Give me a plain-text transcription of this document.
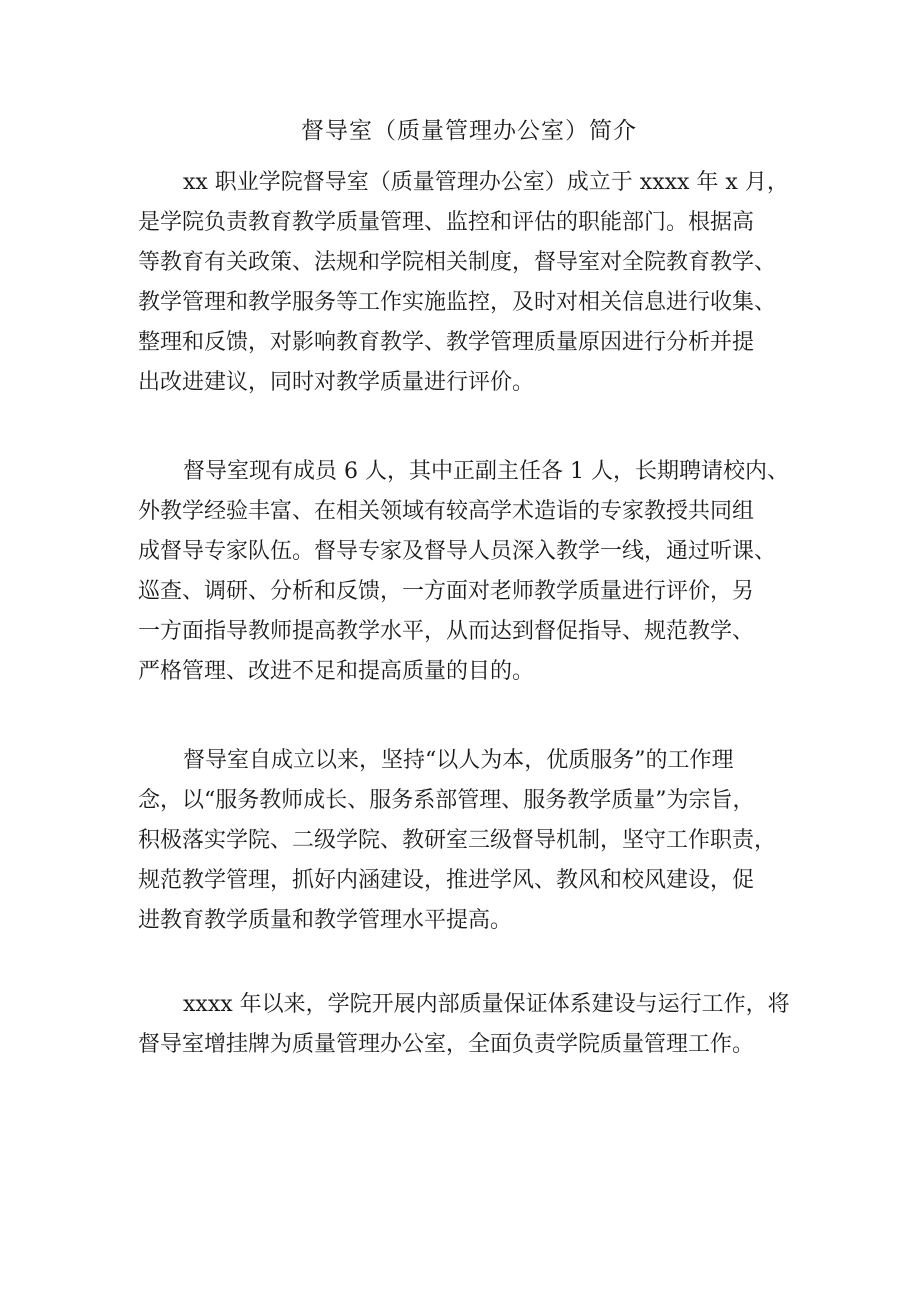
督导室（质量管理办公室）简介

xx 职业学院督导室（质量管理办公室）成立于 xxxx 年 x 月，
是学院负责教育教学质量管理、监控和评估的职能部门。根据高
等教育有关政策、法规和学院相关制度，督导室对全院教育教学、
教学管理和教学服务等工作实施监控，及时对相关信息进行收集、
整理和反馈，对影响教育教学、教学管理质量原因进行分析并提
出改进建议，同时对教学质量进行评价。

督导室现有成员 6 人，其中正副主任各 1 人，长期聘请校内、
外教学经验丰富、在相关领域有较高学术造诣的专家教授共同组
成督导专家队伍。督导专家及督导人员深入教学一线，通过听课、
巡查、调研、分析和反馈，一方面对老师教学质量进行评价，另
一方面指导教师提高教学水平，从而达到督促指导、规范教学、
严格管理、改进不足和提高质量的目的。

督导室自成立以来，坚持“以人为本，优质服务”的工作理
念，以“服务教师成长、服务系部管理、服务教学质量”为宗旨，
积极落实学院、二级学院、教研室三级督导机制，坚守工作职责，
规范教学管理，抓好内涵建设，推进学风、教风和校风建设，促
进教育教学质量和教学管理水平提高。

xxxx 年以来，学院开展内部质量保证体系建设与运行工作，将
督导室增挂牌为质量管理办公室，全面负责学院质量管理工作。
